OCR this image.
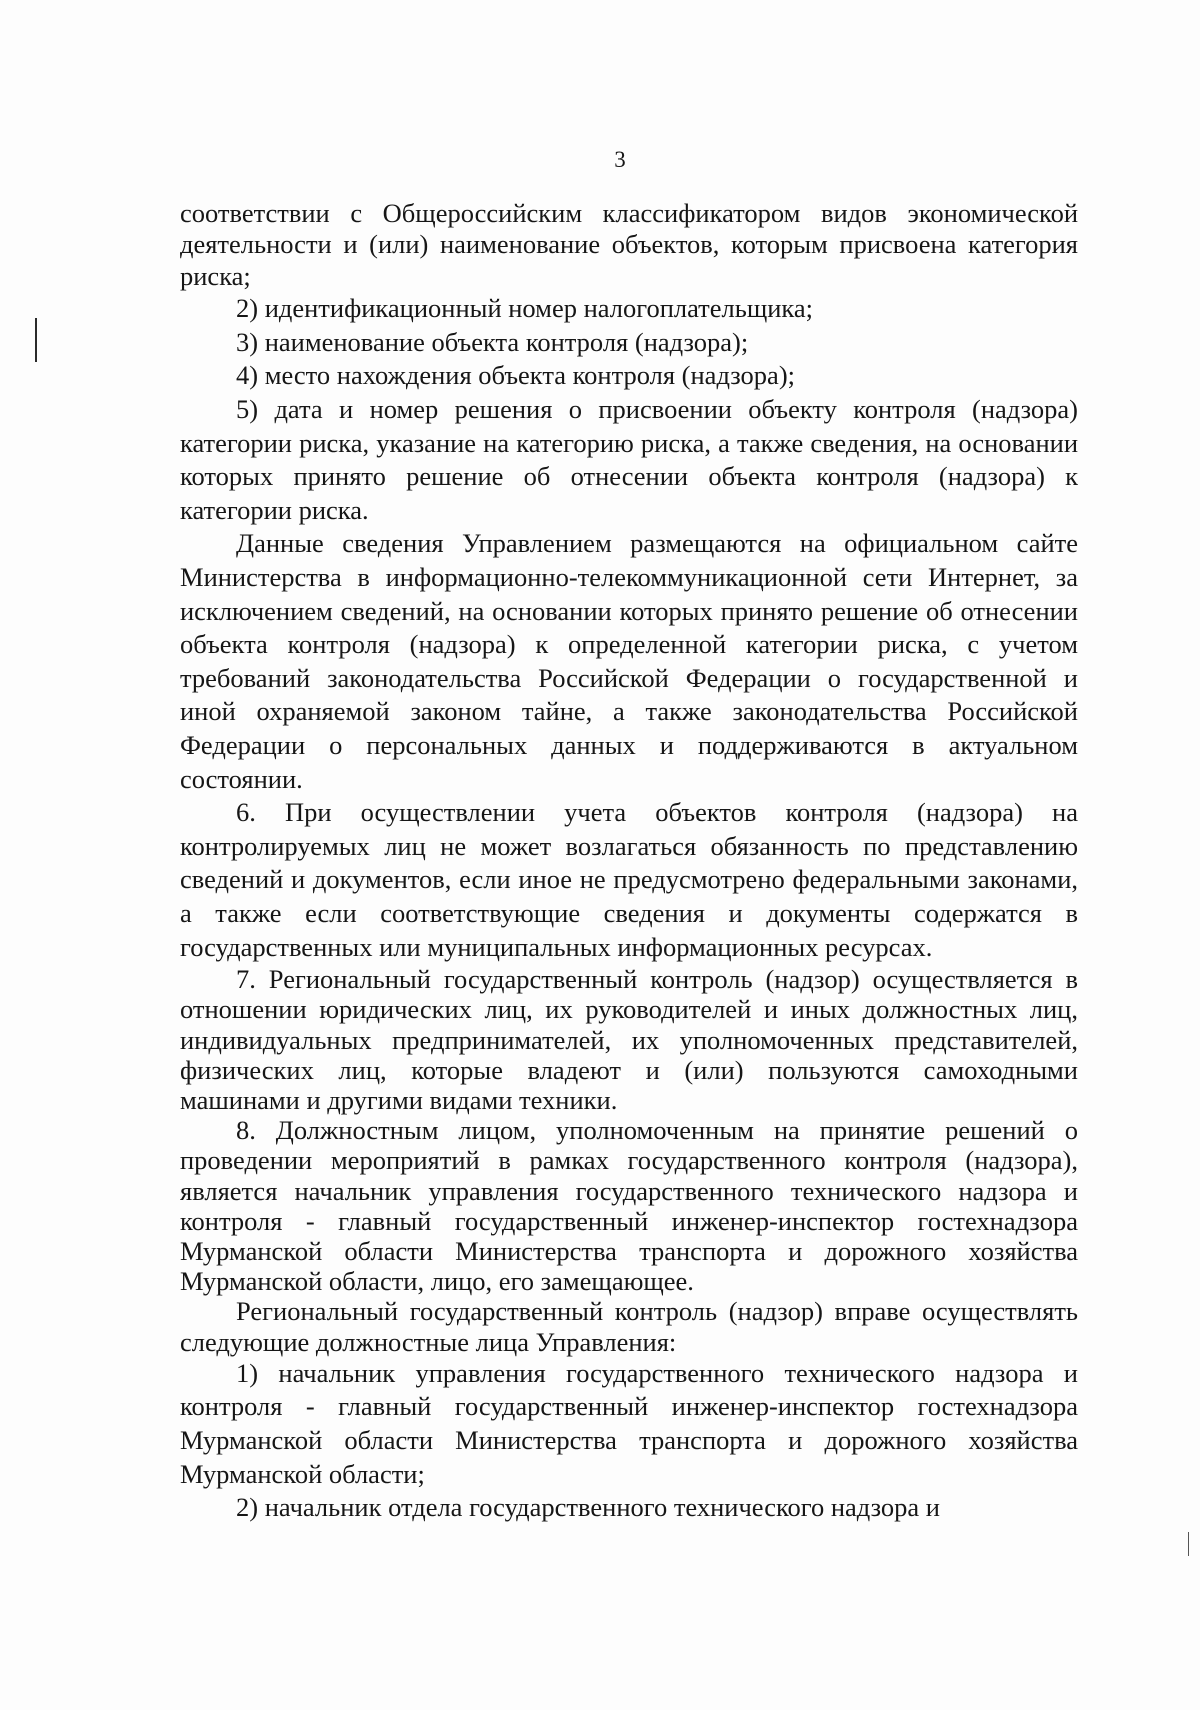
3

соответствии с Общероссийским классификатором видов экономической деятельности и (или) наименование объектов, которым присвоена категория риска;

2) идентификационный номер налогоплательщика;

3) наименование объекта контроля (надзора);

4) место нахождения объекта контроля (надзора);

5) дата и номер решения о присвоении объекту контроля (надзора) категории риска, указание на категорию риска, а также сведения, на основании которых принято решение об отнесении объекта контроля (надзора) к категории риска.

Данные сведения Управлением размещаются на официальном сайте Министерства в информационно-телекоммуникационной сети Интернет, за исключением сведений, на основании которых принято решение об отнесении объекта контроля (надзора) к определенной категории риска, с учетом требований законодательства Российской Федерации о государственной и иной охраняемой законом тайне, а также законодательства Российской Федерации о персональных данных и поддерживаются в актуальном состоянии.

6. При осуществлении учета объектов контроля (надзора) на контролируемых лиц не может возлагаться обязанность по представлению сведений и документов, если иное не предусмотрено федеральными законами, а также если соответствующие сведения и документы содержатся в государственных или муниципальных информационных ресурсах.

7. Региональный государственный контроль (надзор) осуществляется в отношении юридических лиц, их руководителей и иных должностных лиц, индивидуальных предпринимателей, их уполномоченных представителей, физических лиц, которые владеют и (или) пользуются самоходными машинами и другими видами техники.

8. Должностным лицом, уполномоченным на принятие решений о проведении мероприятий в рамках государственного контроля (надзора), является начальник управления государственного технического надзора и контроля - главный государственный инженер-инспектор гостехнадзора Мурманской области Министерства транспорта и дорожного хозяйства Мурманской области, лицо, его замещающее.

Региональный государственный контроль (надзор) вправе осуществлять следующие должностные лица Управления:

1) начальник управления государственного технического надзора и контроля - главный государственный инженер-инспектор гостехнадзора Мурманской области Министерства транспорта и дорожного хозяйства Мурманской области;

2) начальник отдела государственного технического надзора и
